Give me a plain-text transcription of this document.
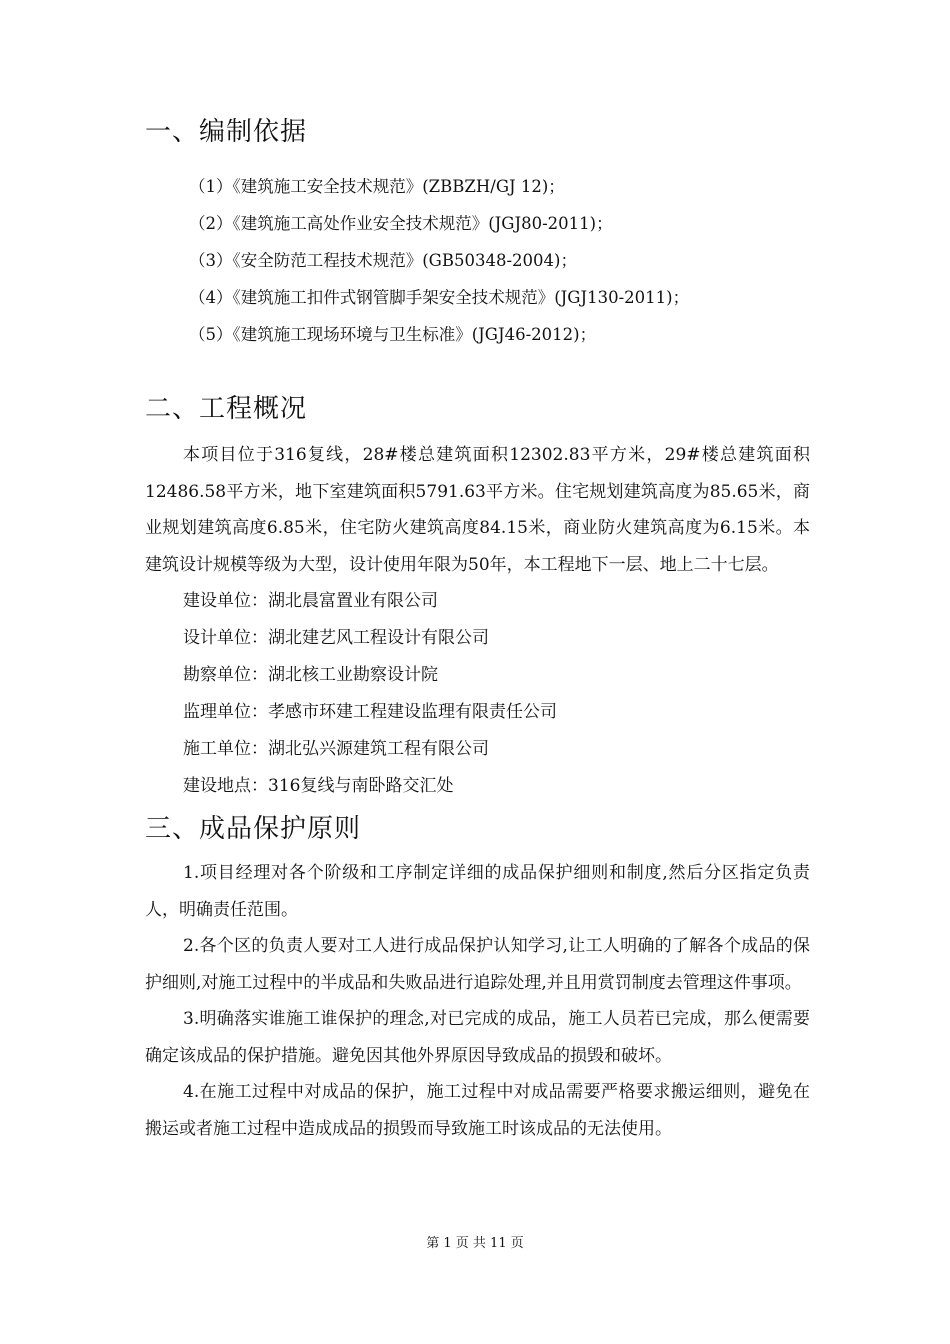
一、编制依据
（1）《建筑施工安全技术规范》(ZBBZH/GJ 12)；
（2）《建筑施工高处作业安全技术规范》(JGJ80-2011)；
（3）《安全防范工程技术规范》(GB50348-2004)；
（4）《建筑施工扣件式钢管脚手架安全技术规范》(JGJ130-2011)；
（5）《建筑施工现场环境与卫生标准》(JGJ46-2012)；
二、工程概况

本项目位于316复线，28#楼总建筑面积12302.83平方米，29#楼总建筑面积12486.58平方米，地下室建筑面积5791.63平方米。住宅规划建筑高度为85.65米，商业规划建筑高度6.85米，住宅防火建筑高度84.15米，商业防火建筑高度为6.15米。本建筑设计规模等级为大型，设计使用年限为50年，本工程地下一层、地上二十七层。

建设单位：湖北晨富置业有限公司
设计单位：湖北建艺风工程设计有限公司
勘察单位：湖北核工业勘察设计院
监理单位：孝感市环建工程建设监理有限责任公司
施工单位：湖北弘兴源建筑工程有限公司
建设地点：316复线与南卧路交汇处
三、成品保护原则

1.项目经理对各个阶级和工序制定详细的成品保护细则和制度,然后分区指定负责人，明确责任范围。

2.各个区的负责人要对工人进行成品保护认知学习,让工人明确的了解各个成品的保护细则,对施工过程中的半成品和失败品进行追踪处理,并且用赏罚制度去管理这件事项。

3.明确落实谁施工谁保护的理念,对已完成的成品，施工人员若已完成，那么便需要确定该成品的保护措施。避免因其他外界原因导致成品的损毁和破坏。

4.在施工过程中对成品的保护，施工过程中对成品需要严格要求搬运细则，避免在搬运或者施工过程中造成成品的损毁而导致施工时该成品的无法使用。

第 1 页 共 11 页
